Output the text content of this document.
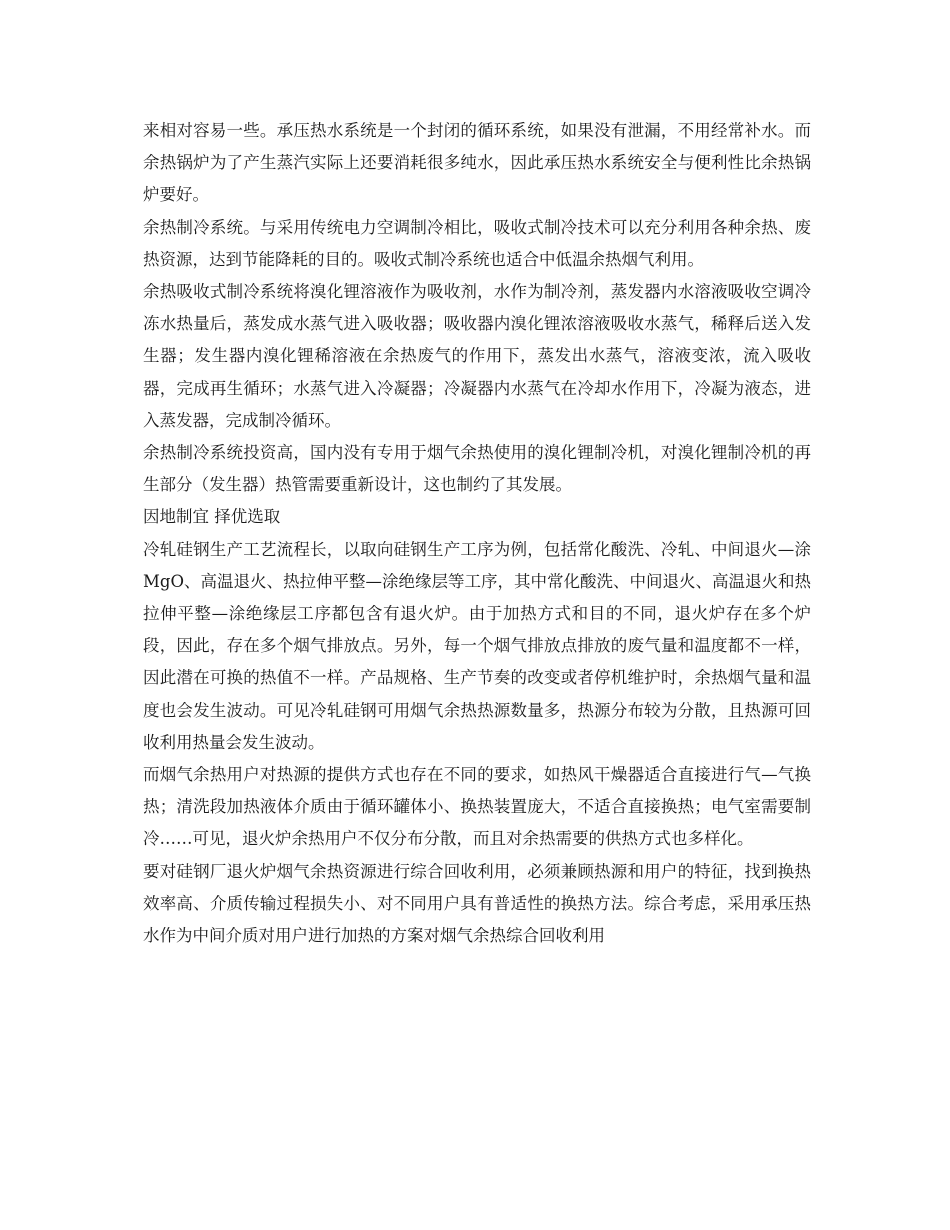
来相对容易一些。承压热水系统是一个封闭的循环系统，如果没有泄漏，不用经常补水。而余热锅炉为了产生蒸汽实际上还要消耗很多纯水，因此承压热水系统安全与便利性比余热锅炉要好。

余热制冷系统。与采用传统电力空调制冷相比，吸收式制冷技术可以充分利用各种余热、废热资源，达到节能降耗的目的。吸收式制冷系统也适合中低温余热烟气利用。

余热吸收式制冷系统将溴化锂溶液作为吸收剂，水作为制冷剂，蒸发器内水溶液吸收空调冷冻水热量后，蒸发成水蒸气进入吸收器；吸收器内溴化锂浓溶液吸收水蒸气，稀释后送入发生器；发生器内溴化锂稀溶液在余热废气的作用下，蒸发出水蒸气，溶液变浓，流入吸收器，完成再生循环；水蒸气进入冷凝器；冷凝器内水蒸气在冷却水作用下，冷凝为液态，进入蒸发器，完成制冷循环。

余热制冷系统投资高，国内没有专用于烟气余热使用的溴化锂制冷机，对溴化锂制冷机的再生部分（发生器）热管需要重新设计，这也制约了其发展。

因地制宜 择优选取

冷轧硅钢生产工艺流程长，以取向硅钢生产工序为例，包括常化酸洗、冷轧、中间退火—涂MgO、高温退火、热拉伸平整—涂绝缘层等工序，其中常化酸洗、中间退火、高温退火和热拉伸平整—涂绝缘层工序都包含有退火炉。由于加热方式和目的不同，退火炉存在多个炉段，因此，存在多个烟气排放点。另外，每一个烟气排放点排放的废气量和温度都不一样，因此潜在可换的热值不一样。产品规格、生产节奏的改变或者停机维护时，余热烟气量和温度也会发生波动。可见冷轧硅钢可用烟气余热热源数量多，热源分布较为分散，且热源可回收利用热量会发生波动。

而烟气余热用户对热源的提供方式也存在不同的要求，如热风干燥器适合直接进行气—气换热；清洗段加热液体介质由于循环罐体小、换热装置庞大，不适合直接换热；电气室需要制冷……可见，退火炉余热用户不仅分布分散，而且对余热需要的供热方式也多样化。

要对硅钢厂退火炉烟气余热资源进行综合回收利用，必须兼顾热源和用户的特征，找到换热效率高、介质传输过程损失小、对不同用户具有普适性的换热方法。综合考虑，采用承压热水作为中间介质对用户进行加热的方案对烟气余热综合回收利用
